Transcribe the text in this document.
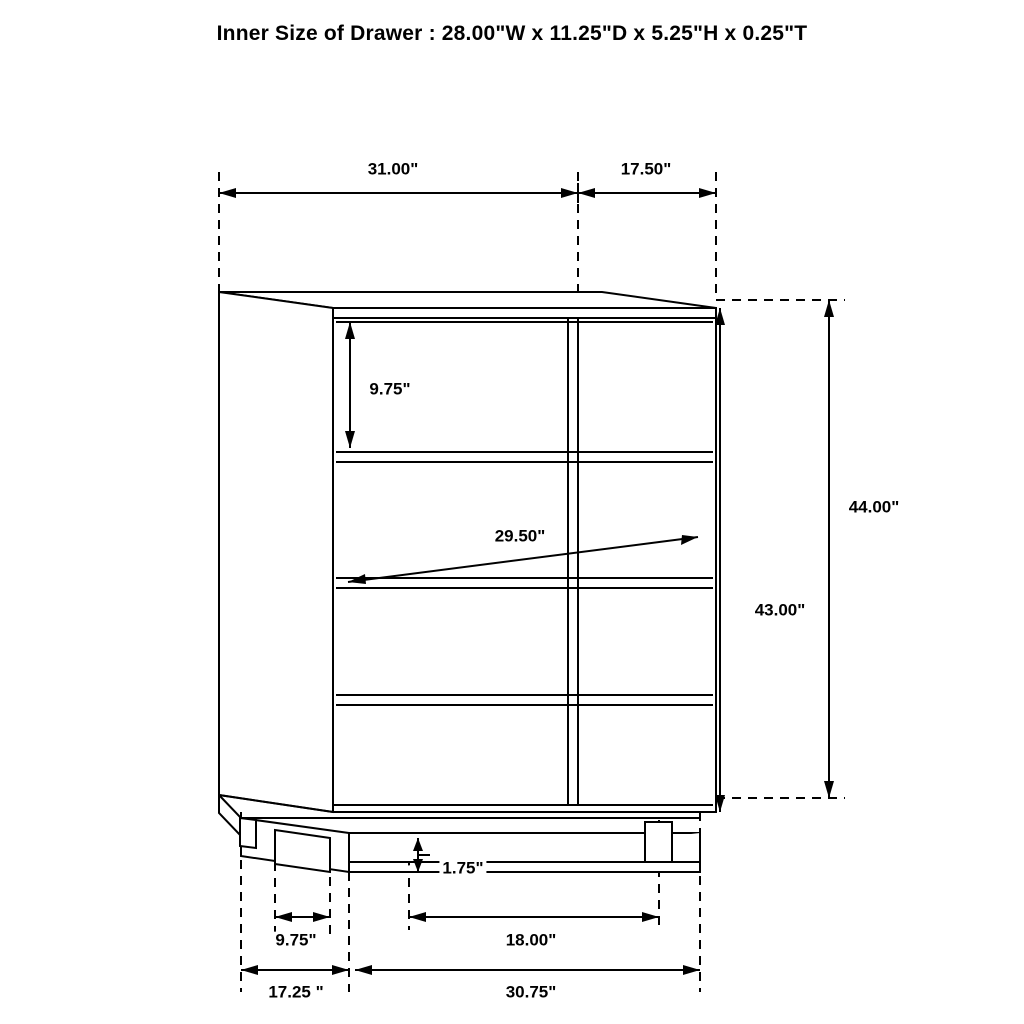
Inner Size of Drawer : 28.00"W x 11.25"D x 5.25"H x 0.25"T
31.00"	17.50"
9.75"
29.50"
44.00"
43.00"
1.75"
9.75"	18.00"
17.25 "	30.75"
